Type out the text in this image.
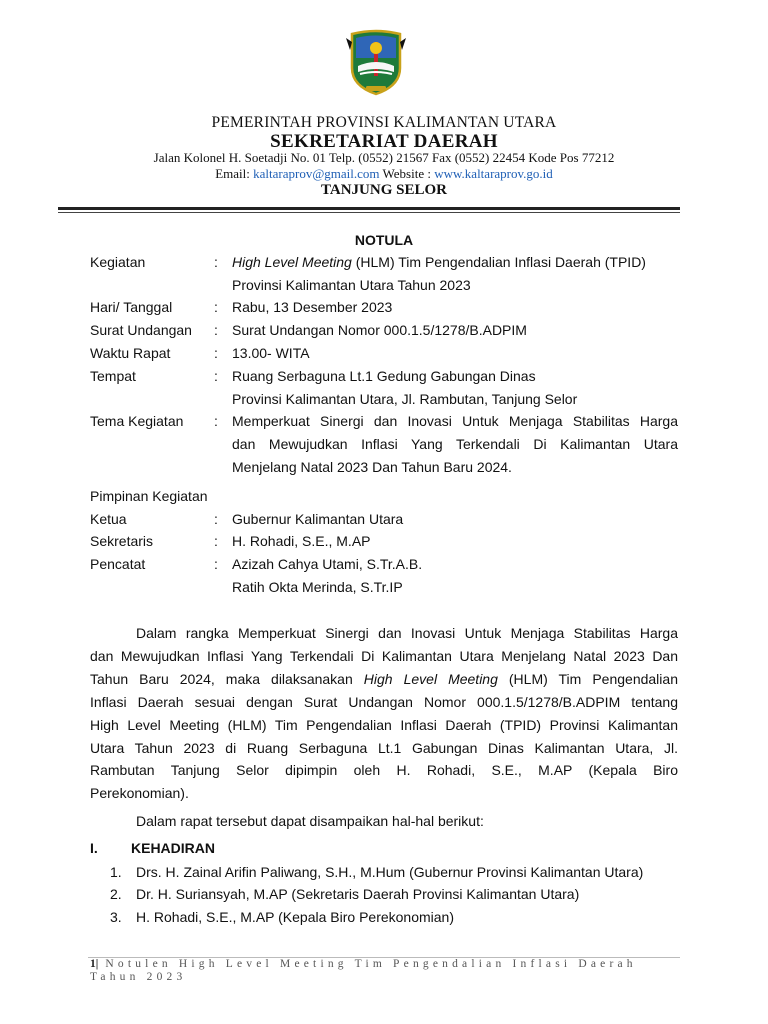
PEMERINTAH PROVINSI KALIMANTAN UTARA
SEKRETARIAT DAERAH
Jalan Kolonel H. Soetadji No. 01 Telp. (0552) 21567 Fax (0552) 22454 Kode Pos 77212
Email: kaltaraprov@gmail.com Website : www.kaltaraprov.go.id
TANJUNG SELOR
NOTULA
Kegiatan	: High Level Meeting (HLM) Tim Pengendalian Inflasi Daerah (TPID)
Provinsi Kalimantan Utara Tahun 2023
Hari/ Tanggal	: Rabu, 13 Desember 2023
Surat Undangan : Surat Undangan Nomor 000.1.5/1278/B.ADPIM
Waktu Rapat	: 13.00- WITA
Tempat	: Ruang Serbaguna Lt.1 Gedung Gabungan Dinas
Provinsi Kalimantan Utara, Jl. Rambutan, Tanjung Selor
Tema Kegiatan : Memperkuat Sinergi dan Inovasi Untuk Menjaga Stabilitas Harga
dan Mewujudkan Inflasi Yang Terkendali Di Kalimantan Utara
Menjelang Natal 2023 Dan Tahun Baru 2024.
Pimpinan Kegiatan
Ketua	: Gubernur Kalimantan Utara
Sekretaris	: H. Rohadi, S.E., M.AP
Pencatat	: Azizah Cahya Utami, S.Tr.A.B.
Ratih Okta Merinda, S.Tr.IP
Dalam rangka Memperkuat Sinergi dan Inovasi Untuk Menjaga Stabilitas Harga
dan Mewujudkan Inflasi Yang Terkendali Di Kalimantan Utara Menjelang Natal 2023 Dan
Tahun Baru 2024, maka dilaksanakan High Level Meeting (HLM) Tim Pengendalian
Inflasi Daerah sesuai dengan Surat Undangan Nomor 000.1.5/1278/B.ADPIM tentang
High Level Meeting (HLM) Tim Pengendalian Inflasi Daerah (TPID) Provinsi Kalimantan
Utara Tahun 2023 di Ruang Serbaguna Lt.1 Gabungan Dinas Kalimantan Utara, Jl.
Rambutan Tanjung Selor dipimpin oleh H. Rohadi, S.E., M.AP (Kepala Biro
Perekonomian).
Dalam rapat tersebut dapat disampaikan hal-hal berikut:
I. KEHADIRAN
1. Drs. H. Zainal Arifin Paliwang, S.H., M.Hum (Gubernur Provinsi Kalimantan Utara)
2. Dr. H. Suriansyah, M.AP (Sekretaris Daerah Provinsi Kalimantan Utara)
3. H. Rohadi, S.E., M.AP (Kepala Biro Perekonomian)
1| Notulen High Level Meeting Tim Pengendalian Inflasi Daerah Tahun 2023
